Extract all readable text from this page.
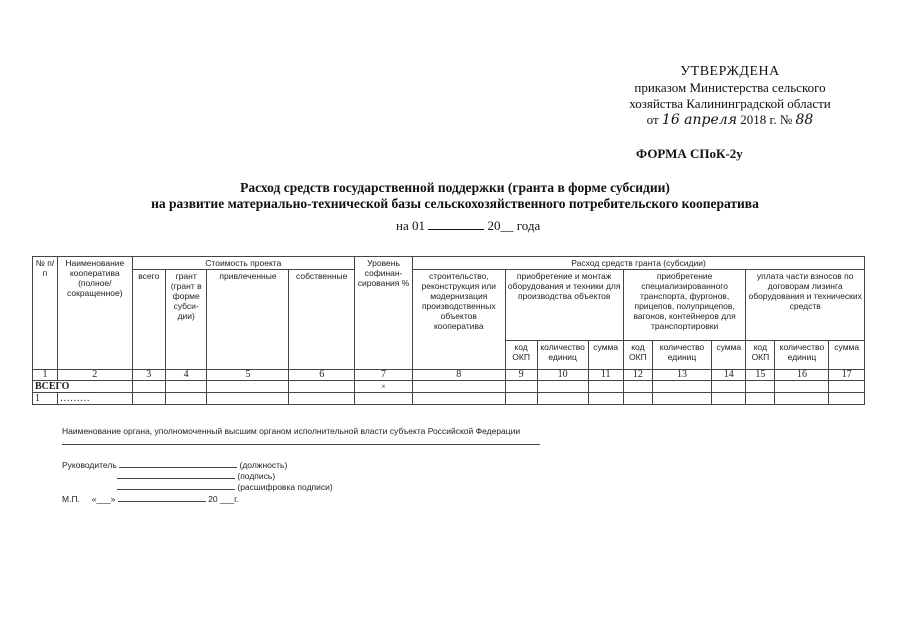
УТВЕРЖДЕНА
приказом Министерства сельского
хозяйства Калининградской области
от 16 апреля 2018 г. № 88
ФОРМА СПоК-2у
Расход средств государственной поддержки (гранта в форме субсидии)
на развитие материально-технической базы сельскохозяйственного потребительского кооператива
на 01	20__ года
№ п/п	Наименование кооператива (полное/ сокращенное)	Стоимость проекта				Уровень софинан-сирования %	Расход средств гранта (субсидии)									
		всего	грант (грант в форме субси-дии)	привлеченные	собственные		строительство, реконструкция или модернизация производственных объектов кооператива	приобретение и монтаж оборудования и техники для производства объектов			приобретение специализированного транспорта, фургонов, прицепов, полуприцепов, вагонов, контейнеров для транспортировки			уплата части взносов по договорам лизинга оборудования и технических средств		
								код ОКП	количество единиц	сумма	код ОКП	количество единиц	сумма	код ОКП	количество единиц	сумма
1	2	3	4	5	6	7	8	9	10	11	12	13	14	15	16	17
ВСЕГО						×										
1	………															
Наименование органа, уполномоченный высшим органом исполнительной власти субъекта Российской Федерации
Руководитель	(должность)
(подпись)
(расшифровка подписи)
М.П. «___»	20 ___г.
